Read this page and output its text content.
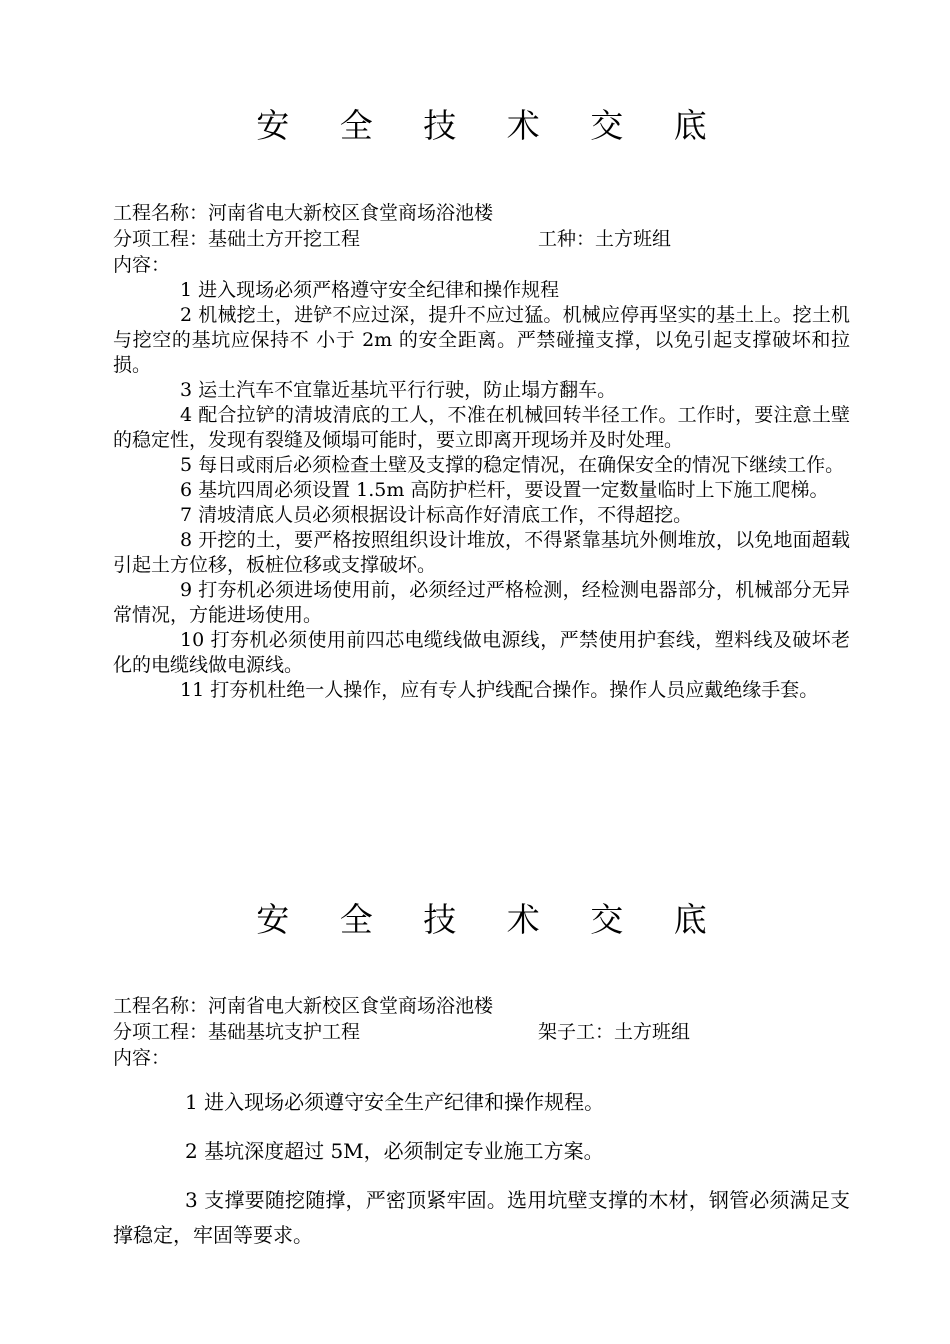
安 全 技 术 交 底
工程名称：河南省电大新校区食堂商场浴池楼
分项工程：基础土方开挖工程	工种：土方班组
内容：

1 进入现场必须严格遵守安全纪律和操作规程

2 机械挖土，进铲不应过深，提升不应过猛。机械应停再坚实的基土上。挖土机与挖空的基坑应保持不 小于 2m 的安全距离。严禁碰撞支撑，以免引起支撑破坏和拉损。

3 运土汽车不宜靠近基坑平行行驶，防止塌方翻车。

4 配合拉铲的清坡清底的工人，不准在机械回转半径工作。工作时，要注意土壁的稳定性，发现有裂缝及倾塌可能时，要立即离开现场并及时处理。

5 每日或雨后必须检查土壁及支撑的稳定情况，在确保安全的情况下继续工作。

6 基坑四周必须设置 1.5m 高防护栏杆，要设置一定数量临时上下施工爬梯。

7 清坡清底人员必须根据设计标高作好清底工作，不得超挖。

8 开挖的土，要严格按照组织设计堆放，不得紧靠基坑外侧堆放，以免地面超载引起土方位移，板桩位移或支撑破坏。

9 打夯机必须进场使用前，必须经过严格检测，经检测电器部分，机械部分无异常情况，方能进场使用。

10 打夯机必须使用前四芯电缆线做电源线，严禁使用护套线，塑料线及破坏老化的电缆线做电源线。

11 打夯机杜绝一人操作，应有专人护线配合操作。操作人员应戴绝缘手套。

安 全 技 术 交 底
工程名称：河南省电大新校区食堂商场浴池楼
分项工程：基础基坑支护工程	架子工：土方班组
内容：

1 进入现场必须遵守安全生产纪律和操作规程。

2 基坑深度超过 5M，必须制定专业施工方案。

3 支撑要随挖随撑，严密顶紧牢固。选用坑壁支撑的木材，钢管必须满足支撑稳定，牢固等要求。
